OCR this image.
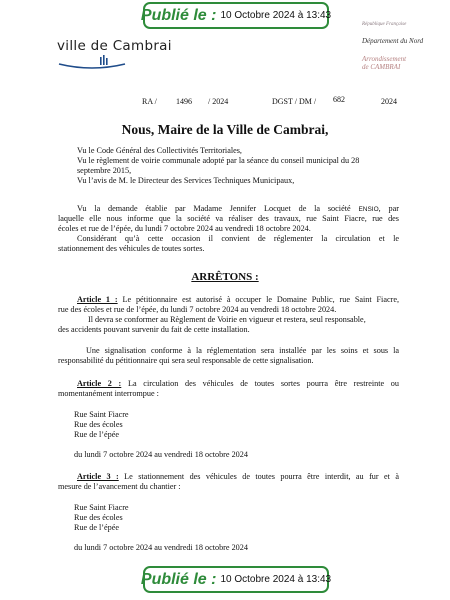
Publié le : 10 Octobre 2024 à 13:43
ville de Cambrai
République Française
Département du Nord
Arrondissement
de CAMBRAI
RA / 1496 / 2024	DGST / DM / 682	2024
Nous, Maire de la Ville de Cambrai,

Vu le Code Général des Collectivités Territoriales,

Vu le règlement de voirie communale adopté par la séance du conseil municipal du 28

septembre 2015,

Vu l’avis de M. le Directeur des Services Techniques Municipaux,

Vu la demande établie par Madame Jennifer Locquet de la société ENSIO, par

laquelle elle nous informe que la société va réaliser des travaux, rue Saint Fiacre, rue des

écoles et rue de l’épée, du lundi 7 octobre 2024 au vendredi 18 octobre 2024.

Considérant qu’à cette occasion il convient de réglementer la circulation et le

stationnement des véhicules de toutes sortes.

ARRÊTONS :

Article 1 : Le pétitionnaire est autorisé à occuper le Domaine Public, rue Saint Fiacre,

rue des écoles et rue de l’épée, du lundi 7 octobre 2024 au vendredi 18 octobre 2024.

Il devra se conformer au Règlement de Voirie en vigueur et restera, seul responsable,

des accidents pouvant survenir du fait de cette installation.

Une signalisation conforme à la réglementation sera installée par les soins et sous la

responsabilité du pétitionnaire qui sera seul responsable de cette signalisation.

Article 2 : La circulation des véhicules de toutes sortes pourra être restreinte ou

momentanément interrompue :

Rue Saint Fiacre

Rue des écoles

Rue de l’épée

du lundi 7 octobre 2024 au vendredi 18 octobre 2024

Article 3 : Le stationnement des véhicules de toutes pourra être interdit, au fur et à

mesure de l’avancement du chantier :

Rue Saint Fiacre

Rue des écoles

Rue de l’épée

du lundi 7 octobre 2024 au vendredi 18 octobre 2024

Publié le : 10 Octobre 2024 à 13:43
